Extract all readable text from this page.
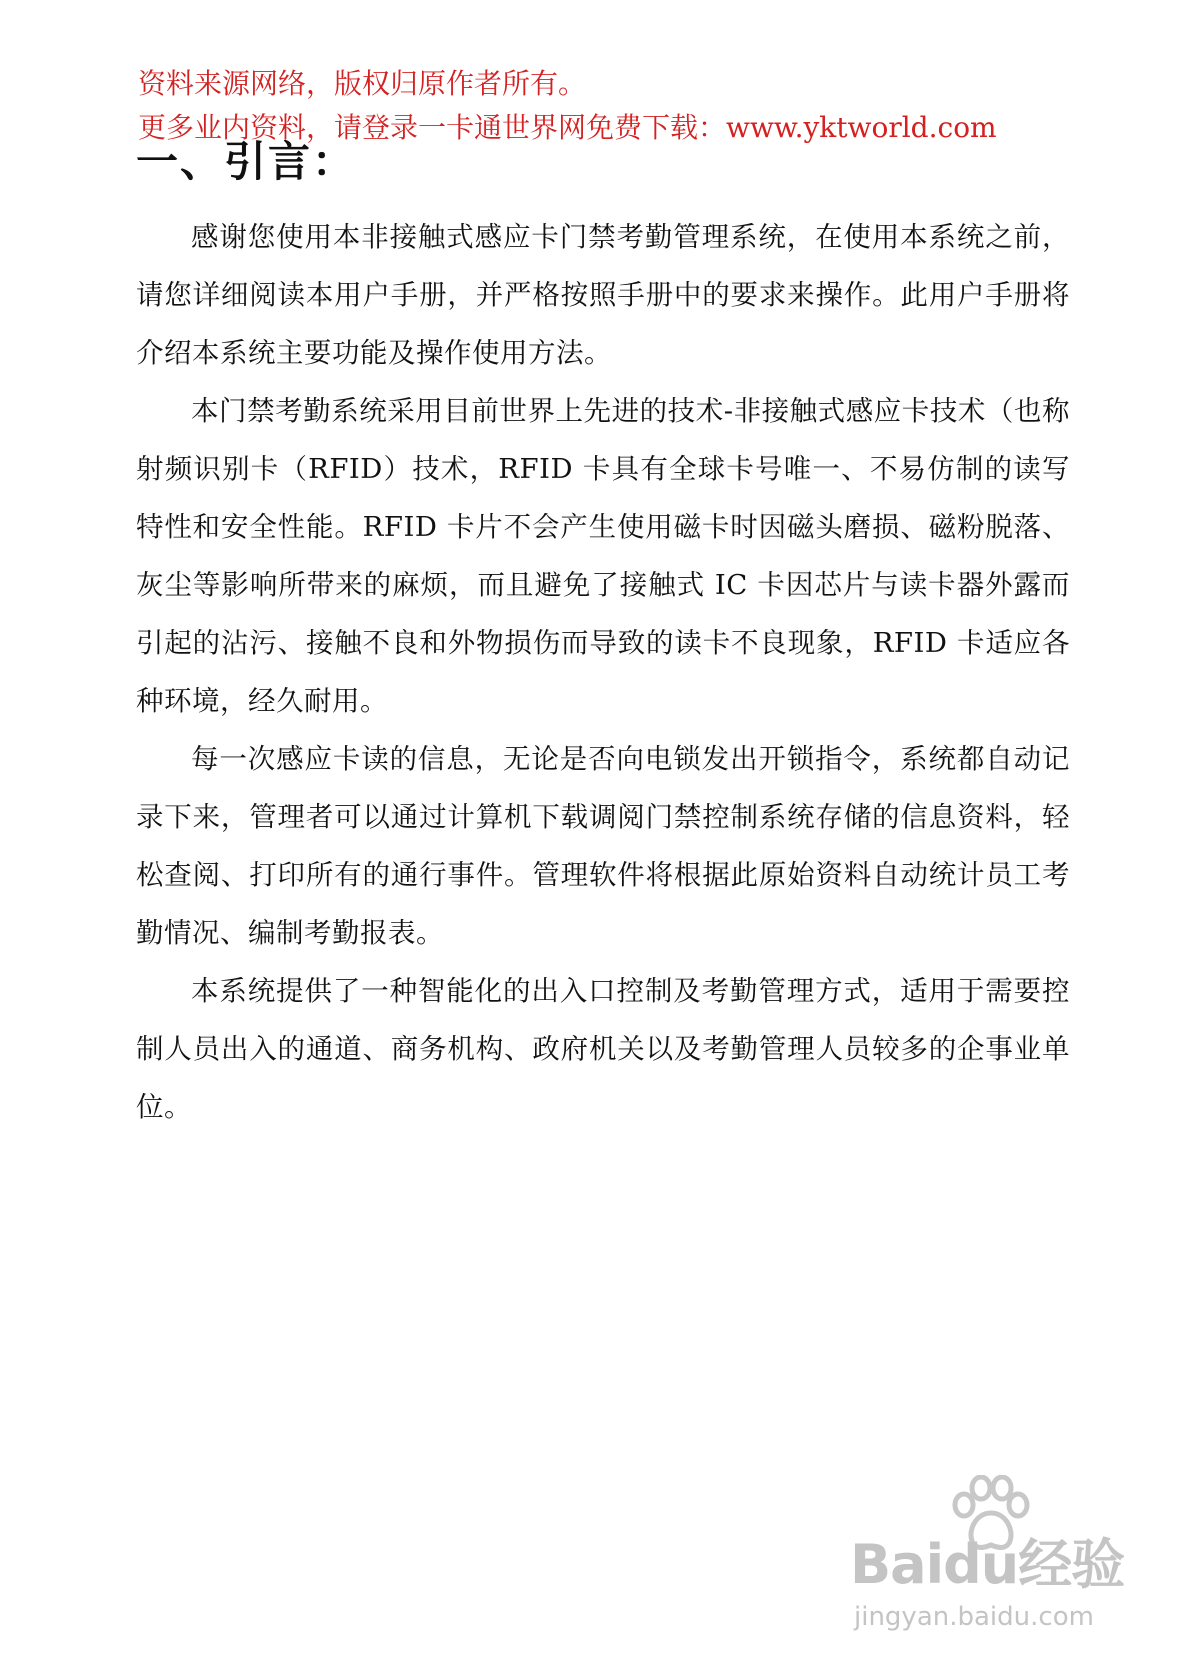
资料来源网络，版权归原作者所有。
更多业内资料，请登录一卡通世界网免费下载：www.yktworld.com
一、引言：

感谢您使用本非接触式感应卡门禁考勤管理系统，在使用本系统之前，请您详细阅读本用户手册，并严格按照手册中的要求来操作。此用户手册将介绍本系统主要功能及操作使用方法。

本门禁考勤系统采用目前世界上先进的技术-非接触式感应卡技术（也称射频识别卡（RFID）技术，RFID 卡具有全球卡号唯一、不易仿制的读写特性和安全性能。RFID 卡片不会产生使用磁卡时因磁头磨损、磁粉脱落、灰尘等影响所带来的麻烦，而且避免了接触式 IC 卡因芯片与读卡器外露而引起的沾污、接触不良和外物损伤而导致的读卡不良现象，RFID 卡适应各种环境，经久耐用。

每一次感应卡读的信息，无论是否向电锁发出开锁指令，系统都自动记录下来，管理者可以通过计算机下载调阅门禁控制系统存储的信息资料，轻松查阅、打印所有的通行事件。管理软件将根据此原始资料自动统计员工考勤情况、编制考勤报表。

本系统提供了一种智能化的出入口控制及考勤管理方式，适用于需要控制人员出入的通道、商务机构、政府机关以及考勤管理人员较多的企事业单位。

Baidu经验
jingyan.baidu.com
